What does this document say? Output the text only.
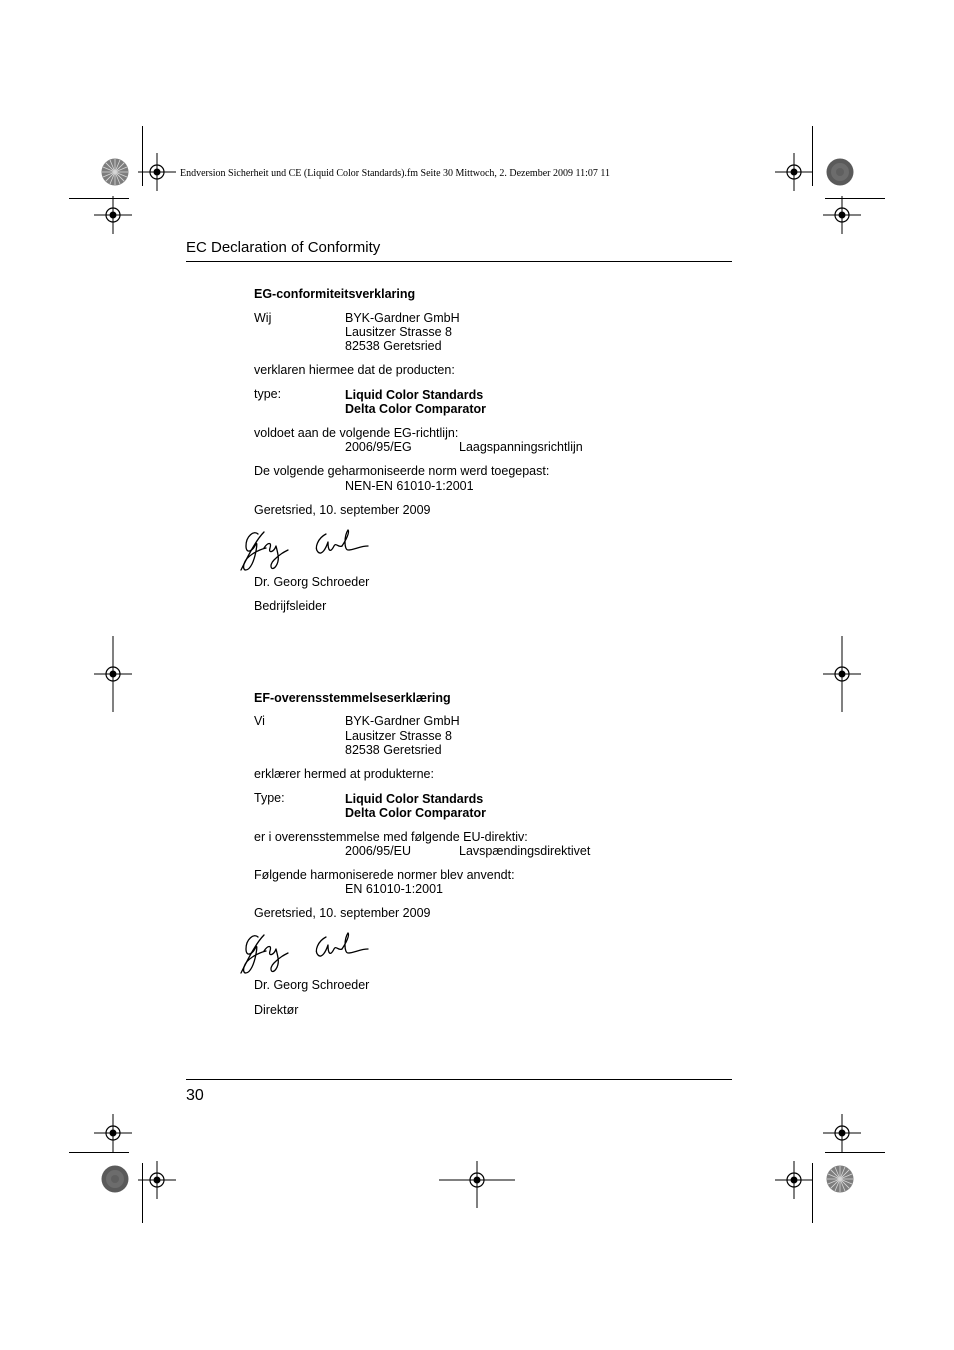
Endversion Sicherheit und CE (Liquid Color Standards).fm Seite 30 Mittwoch, 2. Dezember 2009 11:07 11
EC Declaration of Conformity
EG-conformiteitsverklaring
Wij	BYK-Gardner GmbH
Lausitzer Strasse 8
82538 Geretsried
verklaren hiermee dat de producten:
type:	Liquid Color Standards
Delta Color Comparator
voldoet aan de volgende EG-richtlijn:
2006/95/EG	Laagspanningsrichtlijn
De volgende geharmoniseerde norm werd toegepast:
NEN-EN 61010-1:2001
Geretsried, 10. september 2009
Dr. Georg Schroeder
Bedrijfsleider
EF-overensstemmelseserklæring
Vi	BYK-Gardner GmbH
Lausitzer Strasse 8
82538 Geretsried
erklærer hermed at produkterne:
Type:	Liquid Color Standards
Delta Color Comparator
er i overensstemmelse med følgende EU-direktiv:
2006/95/EU	Lavspændingsdirektivet
Følgende harmoniserede normer blev anvendt:
EN 61010-1:2001
Geretsried, 10. september 2009
Dr. Georg Schroeder
Direktør
30
